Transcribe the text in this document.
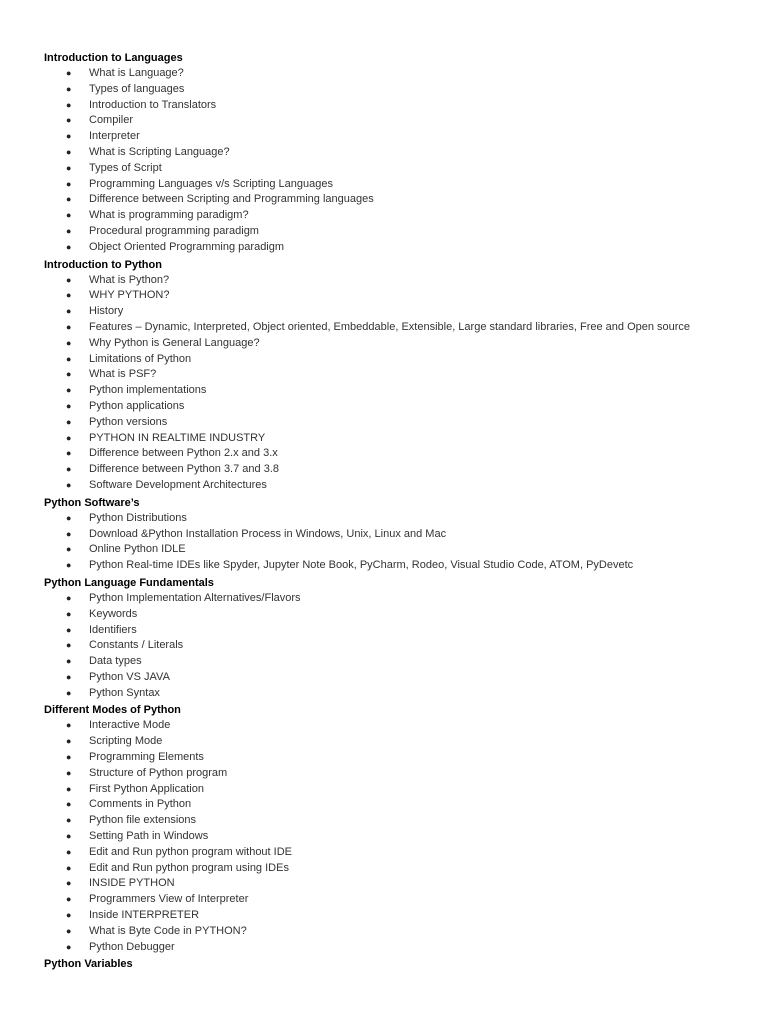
Introduction to Languages

● What is Language?
● Types of languages
● Introduction to Translators
● Compiler
● Interpreter
● What is Scripting Language?
● Types of Script
● Programming Languages v/s Scripting Languages
● Difference between Scripting and Programming languages
● What is programming paradigm?
● Procedural programming paradigm
● Object Oriented Programming paradigm

Introduction to Python

● What is Python?
● WHY PYTHON?
● History
● Features – Dynamic, Interpreted, Object oriented, Embeddable, Extensible, Large standard libraries, Free and Open source
● Why Python is General Language?
● Limitations of Python
● What is PSF?
● Python implementations
● Python applications
● Python versions
● PYTHON IN REALTIME INDUSTRY
● Difference between Python 2.x and 3.x
● Difference between Python 3.7 and 3.8
● Software Development Architectures

Python Software’s

● Python Distributions
● Download &Python Installation Process in Windows, Unix, Linux and Mac
● Online Python IDLE
● Python Real-time IDEs like Spyder, Jupyter Note Book, PyCharm, Rodeo, Visual Studio Code, ATOM, PyDevetc

Python Language Fundamentals

● Python Implementation Alternatives/Flavors
● Keywords
● Identifiers
● Constants / Literals
● Data types
● Python VS JAVA
● Python Syntax

Different Modes of Python

● Interactive Mode
● Scripting Mode
● Programming Elements
● Structure of Python program
● First Python Application
● Comments in Python
● Python file extensions
● Setting Path in Windows
● Edit and Run python program without IDE
● Edit and Run python program using IDEs
● INSIDE PYTHON
● Programmers View of Interpreter
● Inside INTERPRETER
● What is Byte Code in PYTHON?
● Python Debugger

Python Variables
